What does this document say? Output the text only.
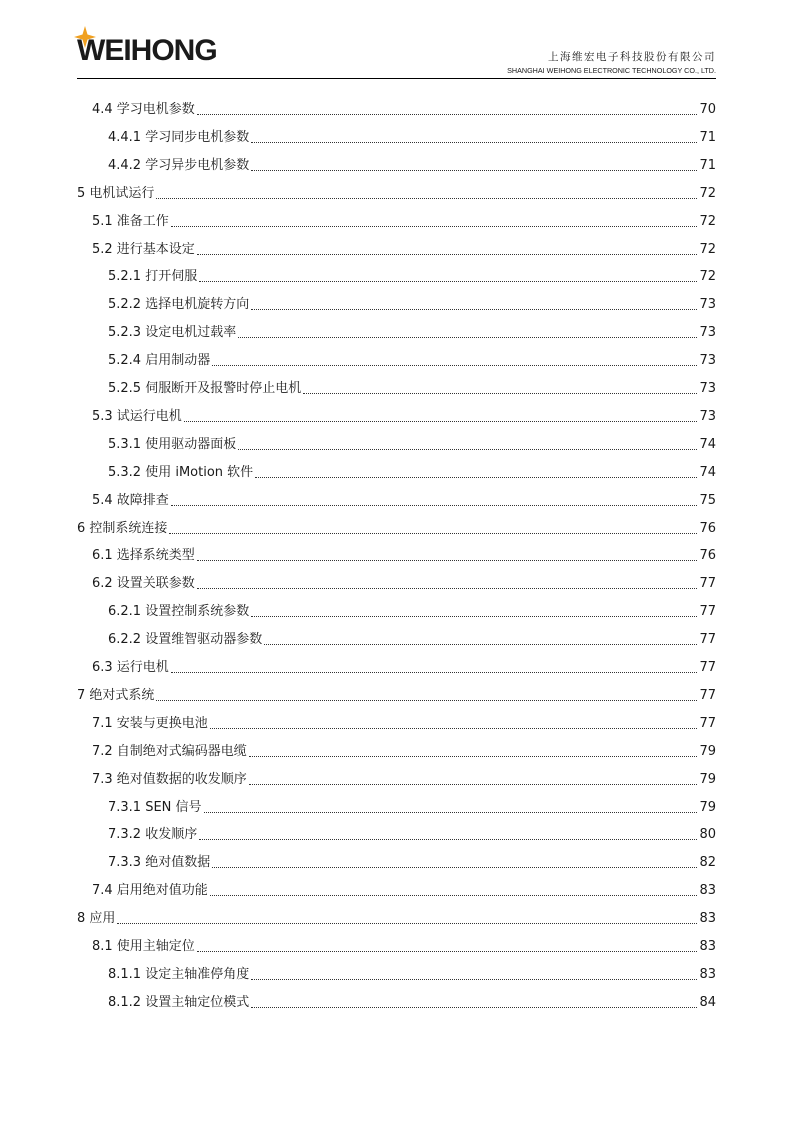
WEIHONG	上海维宏电子科技股份有限公司
SHANGHAI WEIHONG ELECTRONIC TECHNOLOGY CO., LTD.
4.4 学习电机参数	70
4.4.1 学习同步电机参数	71
4.4.2 学习异步电机参数	71
5 电机试运行	72
5.1 准备工作	72
5.2 进行基本设定	72
5.2.1 打开伺服	72
5.2.2 选择电机旋转方向	73
5.2.3 设定电机过载率	73
5.2.4 启用制动器	73
5.2.5 伺服断开及报警时停止电机	73
5.3 试运行电机	73
5.3.1 使用驱动器面板	74
5.3.2 使用 iMotion 软件	74
5.4 故障排查	75
6 控制系统连接	76
6.1 选择系统类型	76
6.2 设置关联参数	77
6.2.1 设置控制系统参数	77
6.2.2 设置维智驱动器参数	77
6.3 运行电机	77
7 绝对式系统	77
7.1 安装与更换电池	77
7.2 自制绝对式编码器电缆	79
7.3 绝对值数据的收发顺序	79
7.3.1 SEN 信号	79
7.3.2 收发顺序	80
7.3.3 绝对值数据	82
7.4 启用绝对值功能	83
8 应用	83
8.1 使用主轴定位	83
8.1.1 设定主轴准停角度	83
8.1.2 设置主轴定位模式	84
